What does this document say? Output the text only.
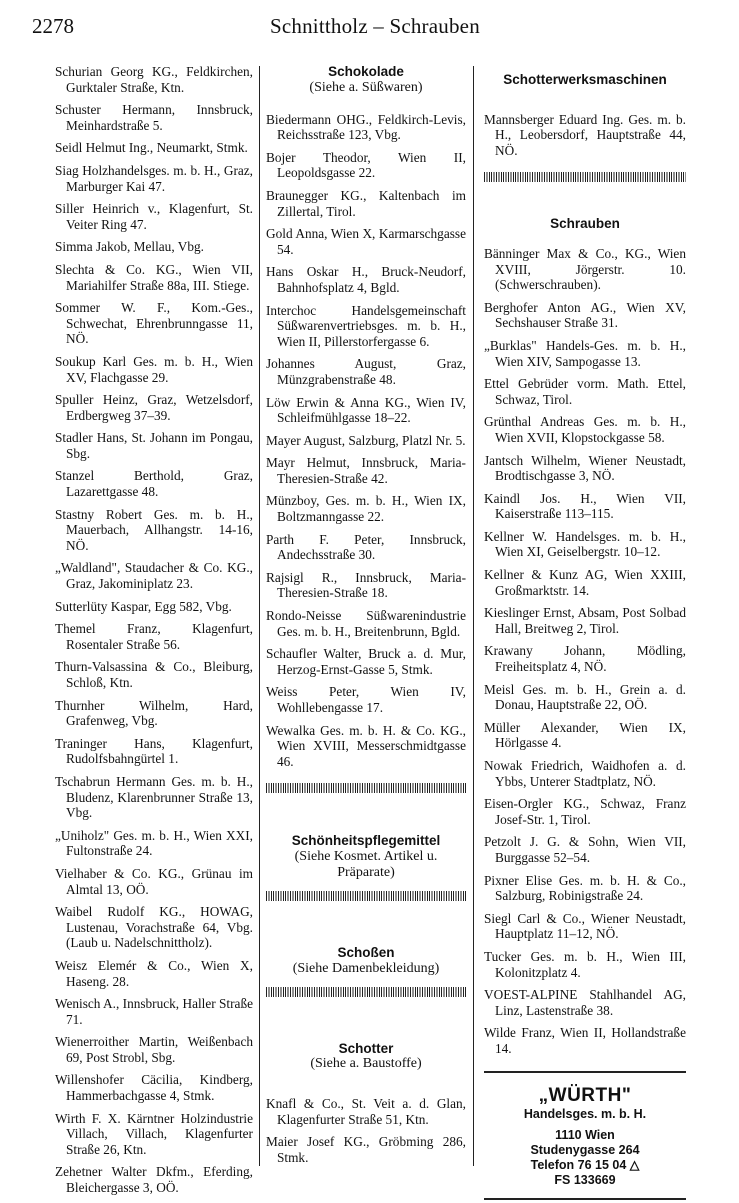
2278	Schnittholz – Schrauben
Schurian Georg KG., Feldkirchen, Gurktaler Straße, Ktn.
Schuster Hermann, Innsbruck, Meinhardstraße 5.
Seidl Helmut Ing., Neumarkt, Stmk.
Siag Holzhandelsges. m. b. H., Graz, Marburger Kai 47.
Siller Heinrich v., Klagenfurt, St. Veiter Ring 47.
Simma Jakob, Mellau, Vbg.
Slechta & Co. KG., Wien VII, Mariahilfer Straße 88a, III. Stiege.
Sommer W. F., Kom.-Ges., Schwechat, Ehrenbrunngasse 11, NÖ.
Soukup Karl Ges. m. b. H., Wien XV, Flachgasse 29.
Spuller Heinz, Graz, Wetzelsdorf, Erdbergweg 37–39.
Stadler Hans, St. Johann im Pongau, Sbg.
Stanzel Berthold, Graz, Lazarettgasse 48.
Stastny Robert Ges. m. b. H., Mauerbach, Allhangstr. 14-16, NÖ.
„Waldland", Staudacher & Co. KG., Graz, Jakominiplatz 23.
Sutterlüty Kaspar, Egg 582, Vbg.
Themel Franz, Klagenfurt, Rosentaler Straße 56.
Thurn-Valsassina & Co., Bleiburg, Schloß, Ktn.
Thurnher Wilhelm, Hard, Grafenweg, Vbg.
Traninger Hans, Klagenfurt, Rudolfsbahngürtel 1.
Tschabrun Hermann Ges. m. b. H., Bludenz, Klarenbrunner Straße 13, Vbg.
„Uniholz" Ges. m. b. H., Wien XXI, Fultonstraße 24.
Vielhaber & Co. KG., Grünau im Almtal 13, OÖ.
Waibel Rudolf KG., HOWAG, Lustenau, Vorachstraße 64, Vbg. (Laub u. Nadelschnittholz).
Weisz Elemér & Co., Wien X, Haseng. 28.
Wenisch A., Innsbruck, Haller Straße 71.
Wienerroither Martin, Weißenbach 69, Post Strobl, Sbg.
Willenshofer Cäcilia, Kindberg, Hammerbachgasse 4, Stmk.
Wirth F. X. Kärntner Holzindustrie Villach, Villach, Klagenfurter Straße 26, Ktn.
Zehetner Walter Dkfm., Eferding, Bleichergasse 3, OÖ.
Schokolade
(Siehe a. Süßwaren)
Biedermann OHG., Feldkirch-Levis, Reichsstraße 123, Vbg.
Bojer Theodor, Wien II, Leopoldsgasse 22.
Braunegger KG., Kaltenbach im Zillertal, Tirol.
Gold Anna, Wien X, Karmarschgasse 54.
Hans Oskar H., Bruck-Neudorf, Bahnhofsplatz 4, Bgld.
Interchoc Handelsgemeinschaft Süßwarenvertriebsges. m. b. H., Wien II, Pillerstorfergasse 6.
Johannes August, Graz, Münzgrabenstraße 48.
Löw Erwin & Anna KG., Wien IV, Schleifmühlgasse 18–22.
Mayer August, Salzburg, Platzl Nr. 5.
Mayr Helmut, Innsbruck, Maria-Theresien-Straße 42.
Münzboy, Ges. m. b. H., Wien IX, Boltzmanngasse 22.
Parth F. Peter, Innsbruck, Andechsstraße 30.
Rajsigl R., Innsbruck, Maria-Theresien-Straße 18.
Rondo-Neisse Süßwarenindustrie Ges. m. b. H., Breitenbrunn, Bgld.
Schaufler Walter, Bruck a. d. Mur, Herzog-Ernst-Gasse 5, Stmk.
Weiss Peter, Wien IV, Wohllebengasse 17.
Wewalka Ges. m. b. H. & Co. KG., Wien XVIII, Messerschmidtgasse 46.
Schönheitspflegemittel
(Siehe Kosmet. Artikel u. Präparate)
Schoßen
(Siehe Damenbekleidung)
Schotter
(Siehe a. Baustoffe)
Knafl & Co., St. Veit a. d. Glan, Klagenfurter Straße 51, Ktn.
Maier Josef KG., Gröbming 286, Stmk.
Schotterwerksmaschinen
Mannsberger Eduard Ing. Ges. m. b. H., Leobersdorf, Hauptstraße 44, NÖ.
Schrauben
Bänninger Max & Co., KG., Wien XVIII, Jörgerstr. 10. (Schwerschrauben).
Berghofer Anton AG., Wien XV, Sechshauser Straße 31.
„Burklas" Handels-Ges. m. b. H., Wien XIV, Sampogasse 13.
Ettel Gebrüder vorm. Math. Ettel, Schwaz, Tirol.
Grünthal Andreas Ges. m. b. H., Wien XVII, Klopstockgasse 58.
Jantsch Wilhelm, Wiener Neustadt, Brodtischgasse 3, NÖ.
Kaindl Jos. H., Wien VII, Kaiserstraße 113–115.
Kellner W. Handelsges. m. b. H., Wien XI, Geiselbergstr. 10–12.
Kellner & Kunz AG, Wien XXIII, Großmarktstr. 14.
Kieslinger Ernst, Absam, Post Solbad Hall, Breitweg 2, Tirol.
Krawany Johann, Mödling, Freiheitsplatz 4, NÖ.
Meisl Ges. m. b. H., Grein a. d. Donau, Hauptstraße 22, OÖ.
Müller Alexander, Wien IX, Hörlgasse 4.
Nowak Friedrich, Waidhofen a. d. Ybbs, Unterer Stadtplatz, NÖ.
Eisen-Orgler KG., Schwaz, Franz Josef-Str. 1, Tirol.
Petzolt J. G. & Sohn, Wien VII, Burggasse 52–54.
Pixner Elise Ges. m. b. H. & Co., Salzburg, Robinigstraße 24.
Siegl Carl & Co., Wiener Neustadt, Hauptplatz 11–12, NÖ.
Tucker Ges. m. b. H., Wien III, Kolonitzplatz 4.
VOEST-ALPINE Stahlhandel AG, Linz, Lastenstraße 38.
Wilde Franz, Wien II, Hollandstraße 14.
„WÜRTH"
Handelsges. m. b. H.
1110 Wien
Studenygasse 264
Telefon 76 15 04 △
FS 133669
